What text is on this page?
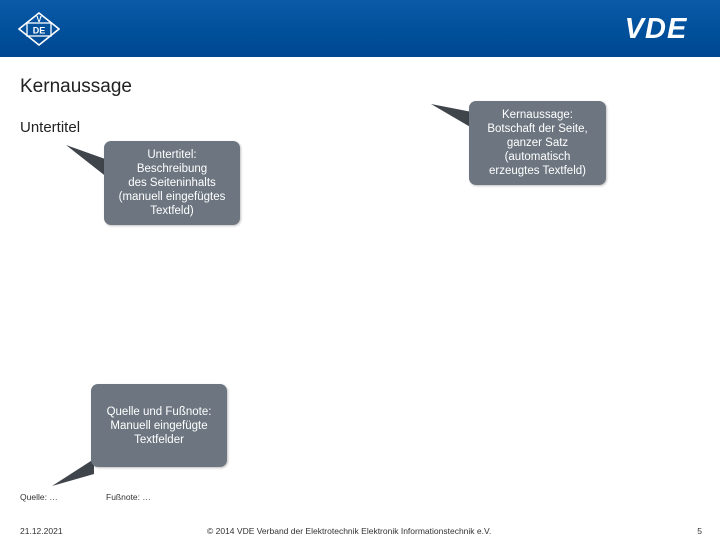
V
DE	VDE
Kernaussage
Untertitel
Untertitel:
Beschreibung
des Seiteninhalts
(manuell eingefügtes
Textfeld)
Kernaussage:
Botschaft der Seite,
ganzer Satz
(automatisch
erzeugtes Textfeld)
Quelle und Fußnote:
Manuell eingefügte
Textfelder
Quelle: …	Fußnote: …
21.12.2021	© 2014 VDE Verband der Elektrotechnik Elektronik Informationstechnik e.V.	5
